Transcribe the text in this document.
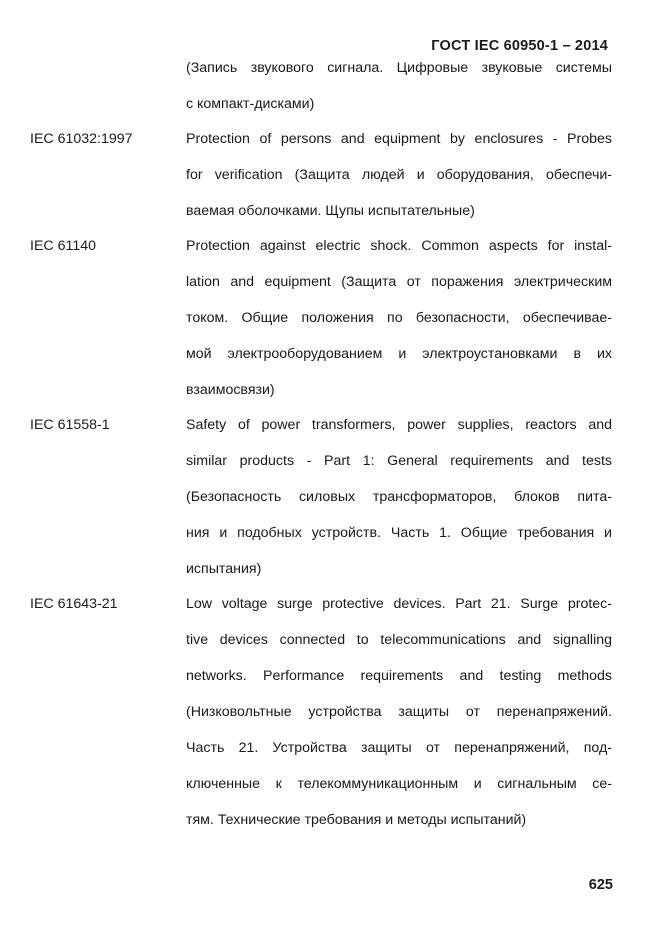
ГОСТ IEC 60950-1 – 2014
(Запись звукового сигнала. Цифровые звуковые системы
с компакт-дисками)
IEC 61032:1997	Protection of persons and equipment by enclosures - Probes
for verification (Защита людей и оборудования, обеспечи-
ваемая оболочками. Щупы испытательные)
IEC 61140	Protection against electric shock. Common aspects for instal-
lation and equipment (Защита от поражения электрическим
током. Общие положения по безопасности, обеспечивае-
мой электрооборудованием и электроустановками в их
взаимосвязи)
IEC 61558-1	Safety of power transformers, power supplies, reactors and
similar products - Part 1: General requirements and tests
(Безопасность силовых трансформаторов, блоков пита-
ния и подобных устройств. Часть 1. Общие требования и
испытания)
IEC 61643-21	Low voltage surge protective devices. Part 21. Surge protec-
tive devices connected to telecommunications and signalling
networks. Performance requirements and testing methods
(Низковольтные устройства защиты от перенапряжений.
Часть 21. Устройства защиты от перенапряжений, под-
ключенные к телекоммуникационным и сигнальным се-
тям. Технические требования и методы испытаний)
625
